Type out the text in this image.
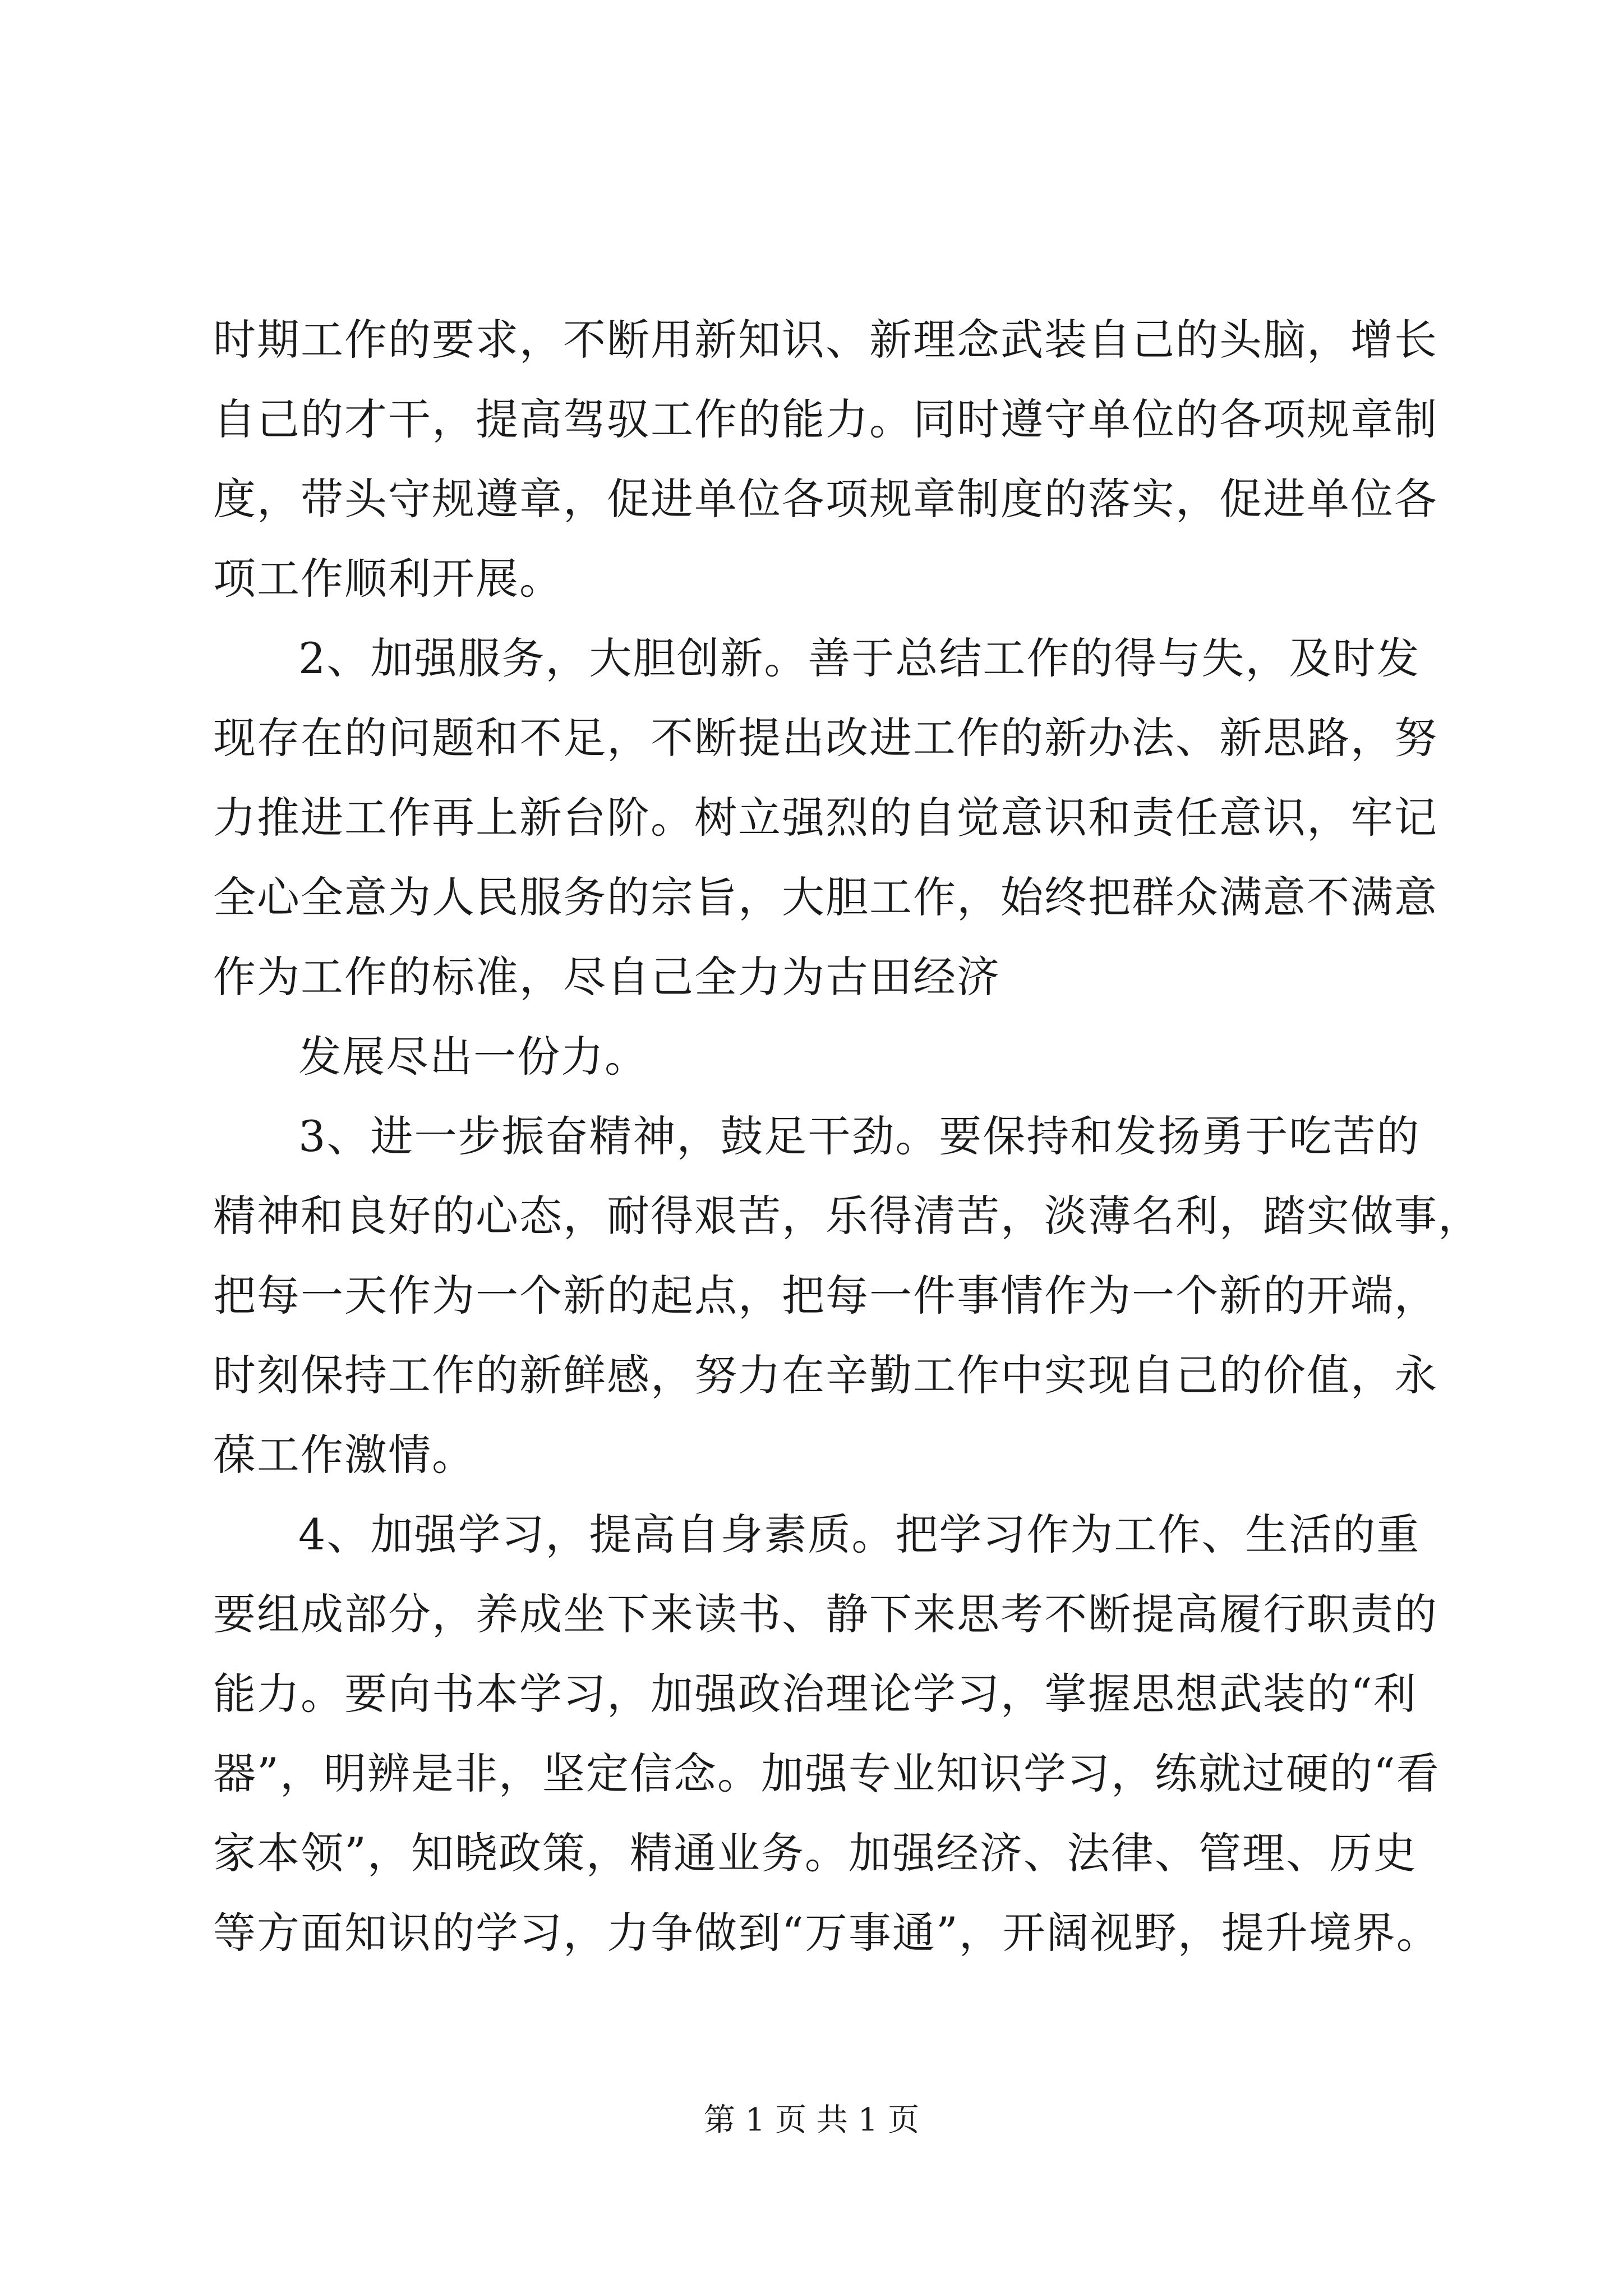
时期工作的要求，不断用新知识、新理念武装自己的头脑，增长
自己的才干，提高驾驭工作的能力。同时遵守单位的各项规章制
度，带头守规遵章，促进单位各项规章制度的落实，促进单位各
项工作顺利开展。
2、加强服务，大胆创新。善于总结工作的得与失，及时发
现存在的问题和不足，不断提出改进工作的新办法、新思路，努
力推进工作再上新台阶。树立强烈的自觉意识和责任意识，牢记
全心全意为人民服务的宗旨，大胆工作，始终把群众满意不满意
作为工作的标准，尽自己全力为古田经济
发展尽出一份力。
3、进一步振奋精神，鼓足干劲。要保持和发扬勇于吃苦的
精神和良好的心态，耐得艰苦，乐得清苦，淡薄名利，踏实做事，
把每一天作为一个新的起点，把每一件事情作为一个新的开端，
时刻保持工作的新鲜感，努力在辛勤工作中实现自己的价值，永
葆工作激情。
4、加强学习，提高自身素质。把学习作为工作、生活的重
要组成部分，养成坐下来读书、静下来思考不断提高履行职责的
能力。要向书本学习，加强政治理论学习，掌握思想武装的“利
器”，明辨是非，坚定信念。加强专业知识学习，练就过硬的“看
家本领”，知晓政策，精通业务。加强经济、法律、管理、历史
等方面知识的学习，力争做到“万事通”，开阔视野，提升境界。
第 1 页 共 1 页
